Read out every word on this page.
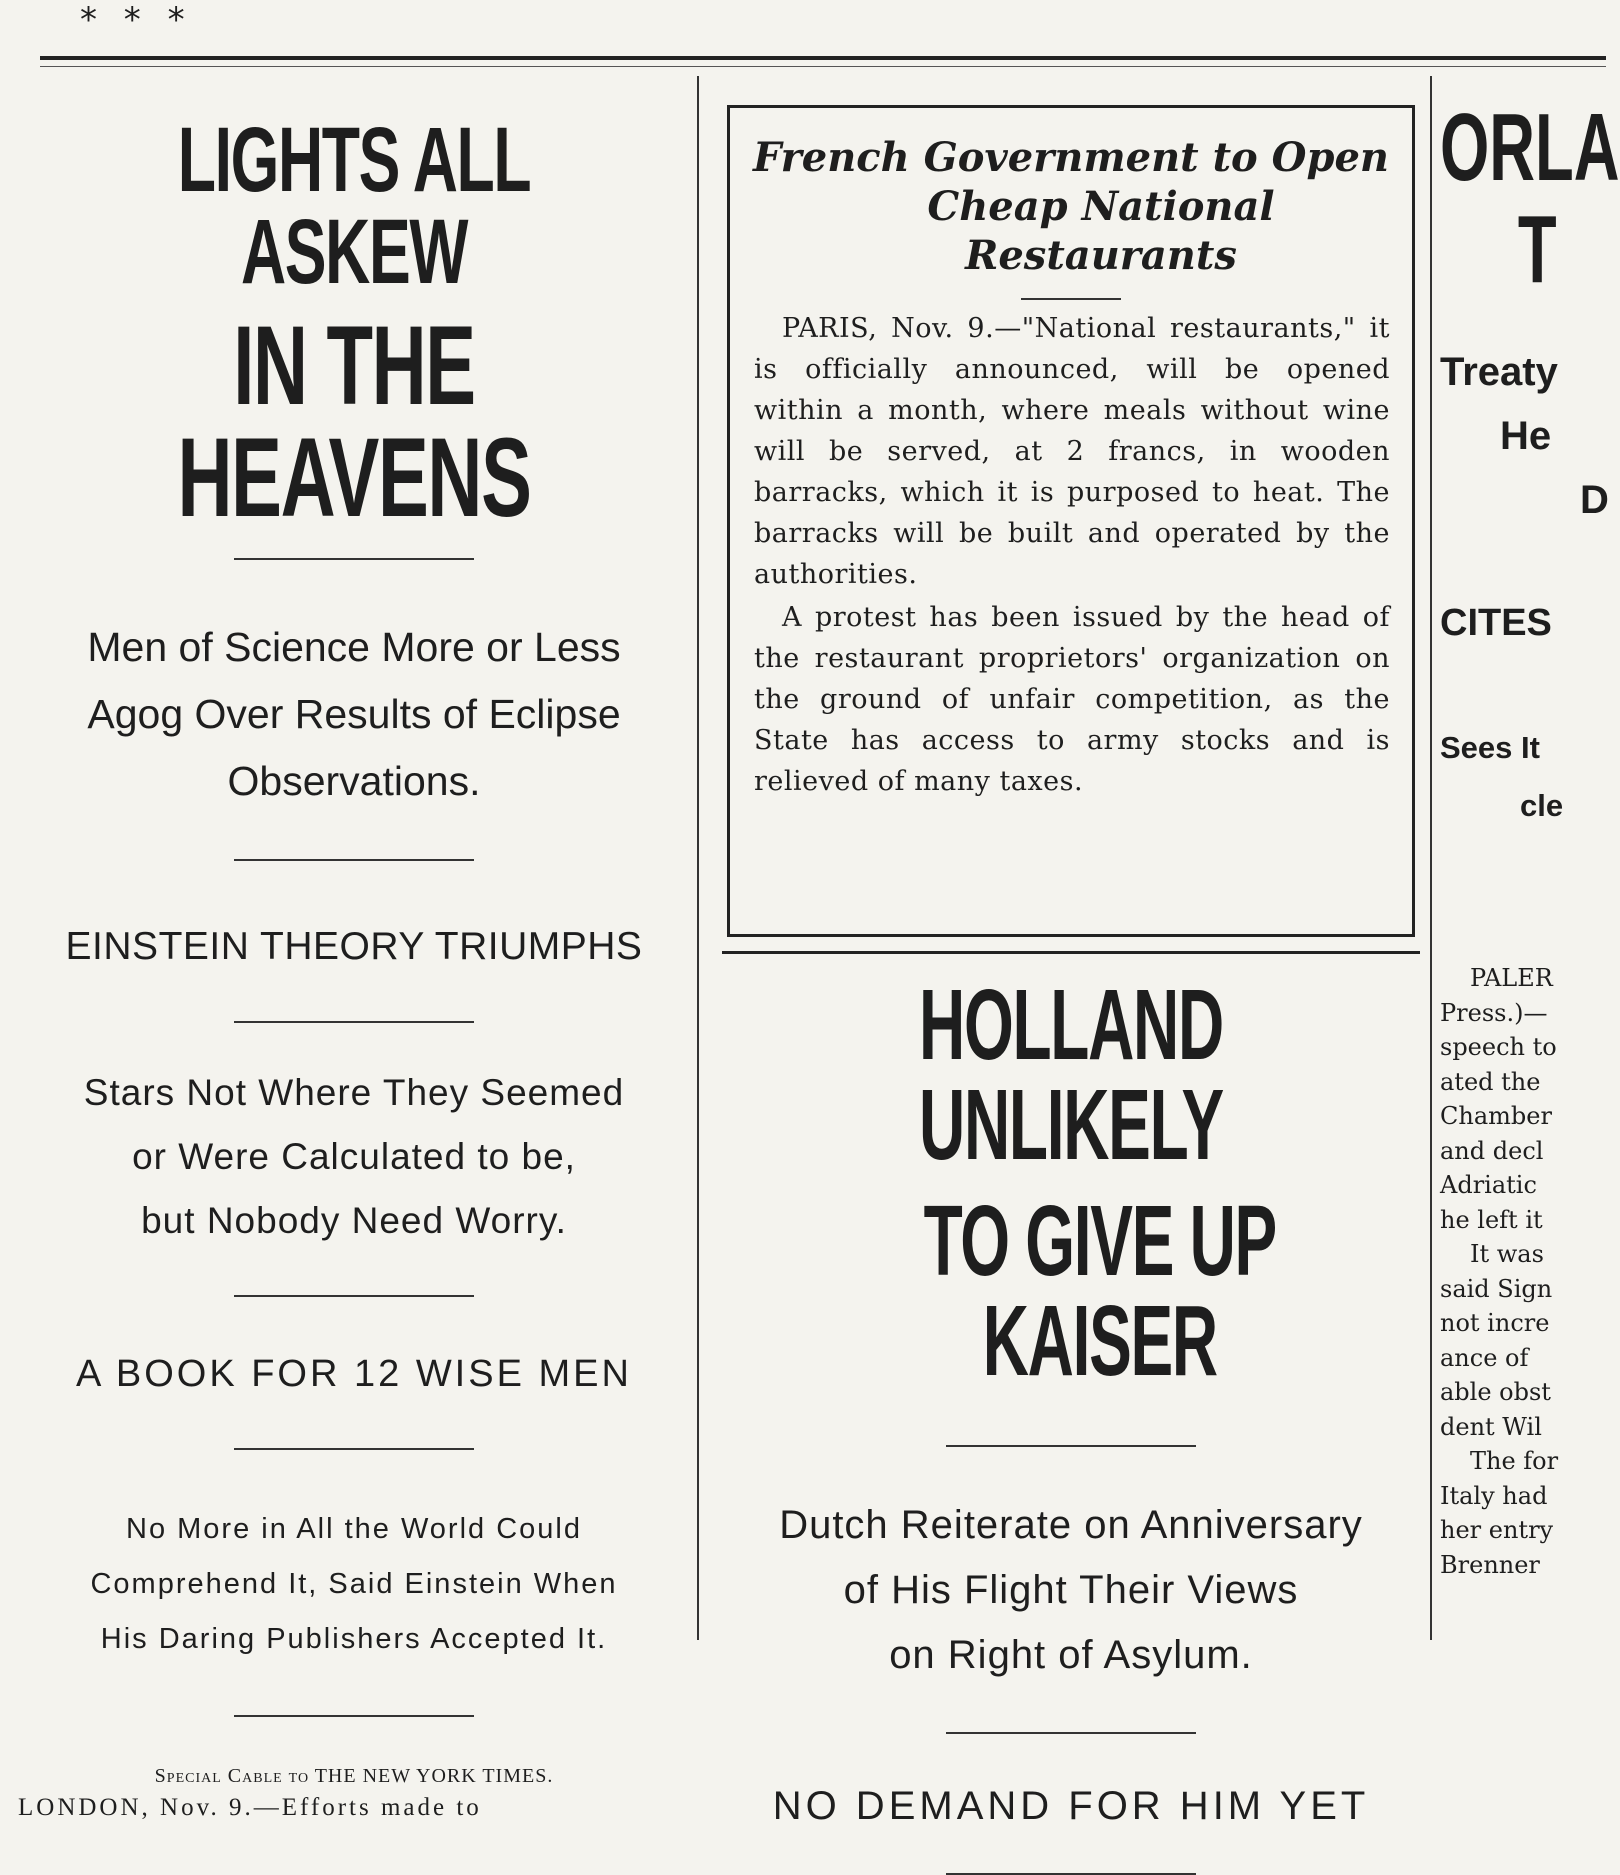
* * *
LIGHTS ALL ASKEW
IN THE HEAVENS
Men of Science More or Less
Agog Over Results of Eclipse
Observations.
EINSTEIN THEORY TRIUMPHS
Stars Not Where They Seemed
or Were Calculated to be,
but Nobody Need Worry.
A BOOK FOR 12 WISE MEN
No More in All the World Could
Comprehend It, Said Einstein When
His Daring Publishers Accepted It.
Special Cable to THE NEW YORK TIMES.
LONDON, Nov. 9.—Efforts made to
French Government to Open
Cheap National Restaurants

PARIS, Nov. 9.—"National restaurants," it is officially announced, will be opened within a month, where meals without wine will be served, at 2 francs, in wooden barracks, which it is purposed to heat. The barracks will be built and operated by the authorities.

A protest has been issued by the head of the restaurant proprietors' organization on the ground of unfair competition, as the State has access to army stocks and is relieved of many taxes.

HOLLAND UNLIKELY
TO GIVE UP KAISER
Dutch Reiterate on Anniversary
of His Flight Their Views
on Right of Asylum.
NO DEMAND FOR HIM YET
ORLA
T
Treaty
He
D
CITES
Sees It
cle
PALER
Press.)—
speech to
ated the
Chamber
and decl
Adriatic
he left it
It was
said Sign
not incre
ance of
able obst
dent Wil
The for
Italy had
her entry
Brenner
